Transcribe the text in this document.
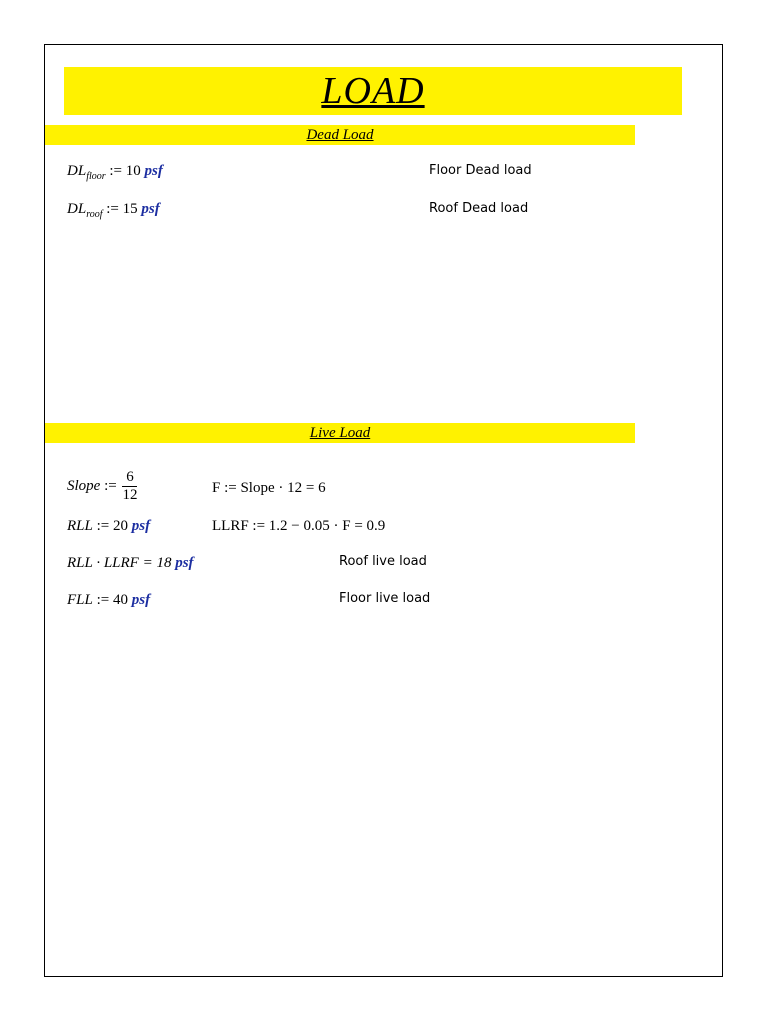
LOAD
Dead Load
$DL_{floor}$ := 10 psf	Floor Dead load
$DL_{roof}$ := 15 psf	Roof Dead load
Live Load
Slope := $\frac{6}{12}$	F := Slope · 12 = 6
RLL := 20 psf	LLRF := 1.2 − 0.05 · F = 0.9
RLL · LLRF = 18 psf	Roof live load
FLL := 40 psf	Floor live load
